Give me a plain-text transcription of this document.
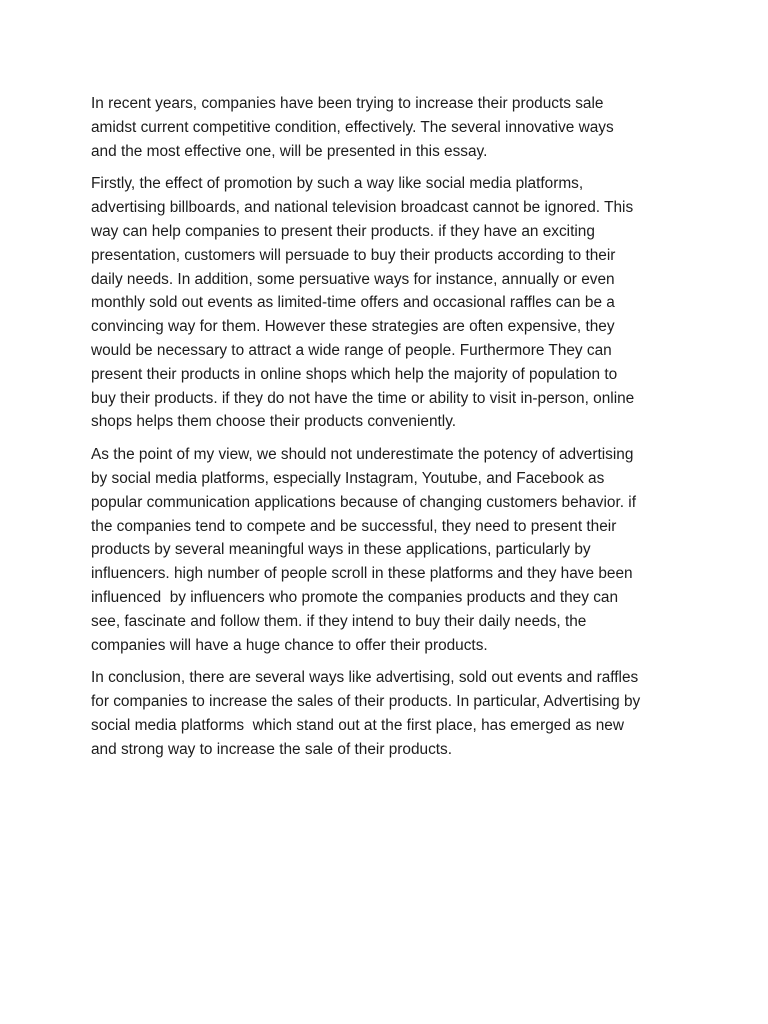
In recent years, companies have been trying to increase their products sale
amidst current competitive condition, effectively. The several innovative ways
and the most effective one, will be presented in this essay.

Firstly, the effect of promotion by such a way like social media platforms,
advertising billboards, and national television broadcast cannot be ignored. This
way can help companies to present their products. if they have an exciting
presentation, customers will persuade to buy their products according to their
daily needs. In addition, some persuative ways for instance, annually or even
monthly sold out events as limited-time offers and occasional raffles can be a
convincing way for them. However these strategies are often expensive, they
would be necessary to attract a wide range of people. Furthermore They can
present their products in online shops which help the majority of population to
buy their products. if they do not have the time or ability to visit in-person, online
shops helps them choose their products conveniently.

As the point of my view, we should not underestimate the potency of advertising
by social media platforms, especially Instagram, Youtube, and Facebook as
popular communication applications because of changing customers behavior. if
the companies tend to compete and be successful, they need to present their
products by several meaningful ways in these applications, particularly by
influencers. high number of people scroll in these platforms and they have been
influenced  by influencers who promote the companies products and they can
see, fascinate and follow them. if they intend to buy their daily needs, the
companies will have a huge chance to offer their products.

In conclusion, there are several ways like advertising, sold out events and raffles
for companies to increase the sales of their products. In particular, Advertising by
social media platforms  which stand out at the first place, has emerged as new
and strong way to increase the sale of their products.
